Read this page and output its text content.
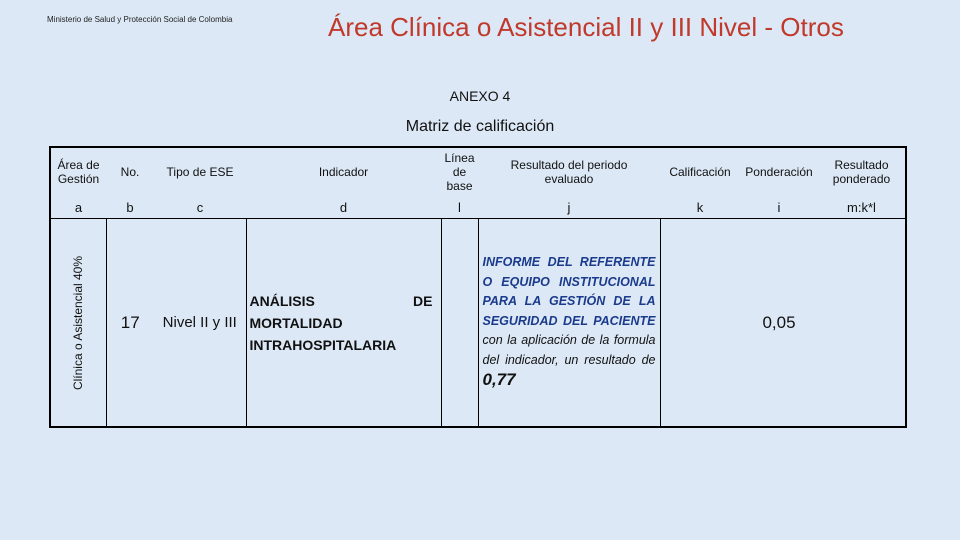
Ministerio de Salud y Protección Social de Colombia	Área Clínica o Asistencial II y III Nivel - Otros
ANEXO 4
Matriz de calificación
Área de Gestión	No.	Tipo de ESE	Indicador	Línea de base	Resultado del periodo evaluado	Calificación	Ponderación	Resultado ponderado
a	b	c	d	l	j	k	i	m:k*l

Clínica o Asistencial 40%	17	Nivel II y III	ANÁLISIS DE
MORTALIDAD
INTRAHOSPITALARIA		INFORME DEL REFERENTE O EQUIPO INSTITUCIONAL PARA LA GESTIÓN DE LA SEGURIDAD DEL PACIENTE con la aplicación de la formula del indicador, un resultado de 0,77		0,05	
